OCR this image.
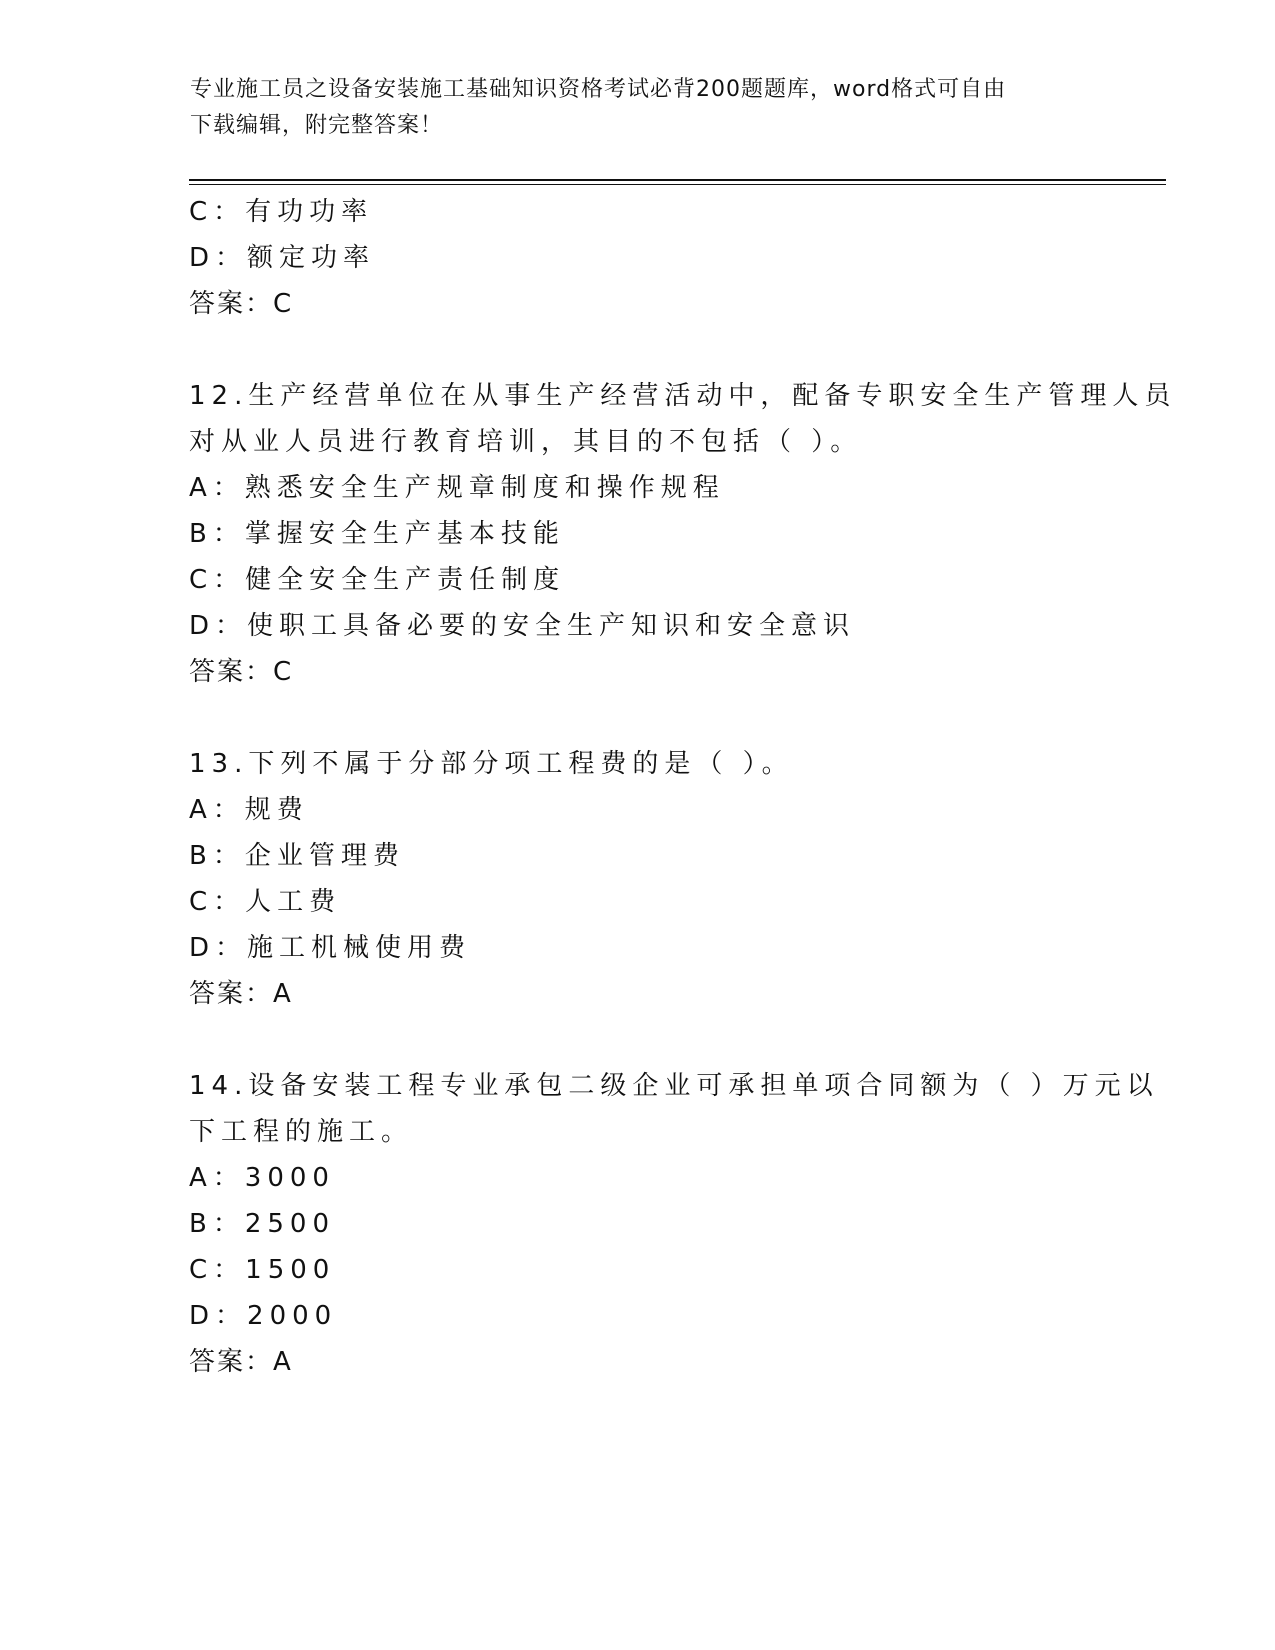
专业施工员之设备安装施工基础知识资格考试必背200题题库，word格式可自由
下载编辑，附完整答案！
C：有功功率
D：额定功率
答案：C
12.生产经营单位在从事生产经营活动中，配备专职安全生产管理人员
对从业人员进行教育培训，其目的不包括（ ）。
A：熟悉安全生产规章制度和操作规程
B：掌握安全生产基本技能
C：健全安全生产责任制度
D：使职工具备必要的安全生产知识和安全意识
答案：C
13.下列不属于分部分项工程费的是（ ）。
A：规费
B：企业管理费
C：人工费
D：施工机械使用费
答案：A
14.设备安装工程专业承包二级企业可承担单项合同额为（ ）万元以
下工程的施工。
A：3000
B：2500
C：1500
D：2000
答案：A
